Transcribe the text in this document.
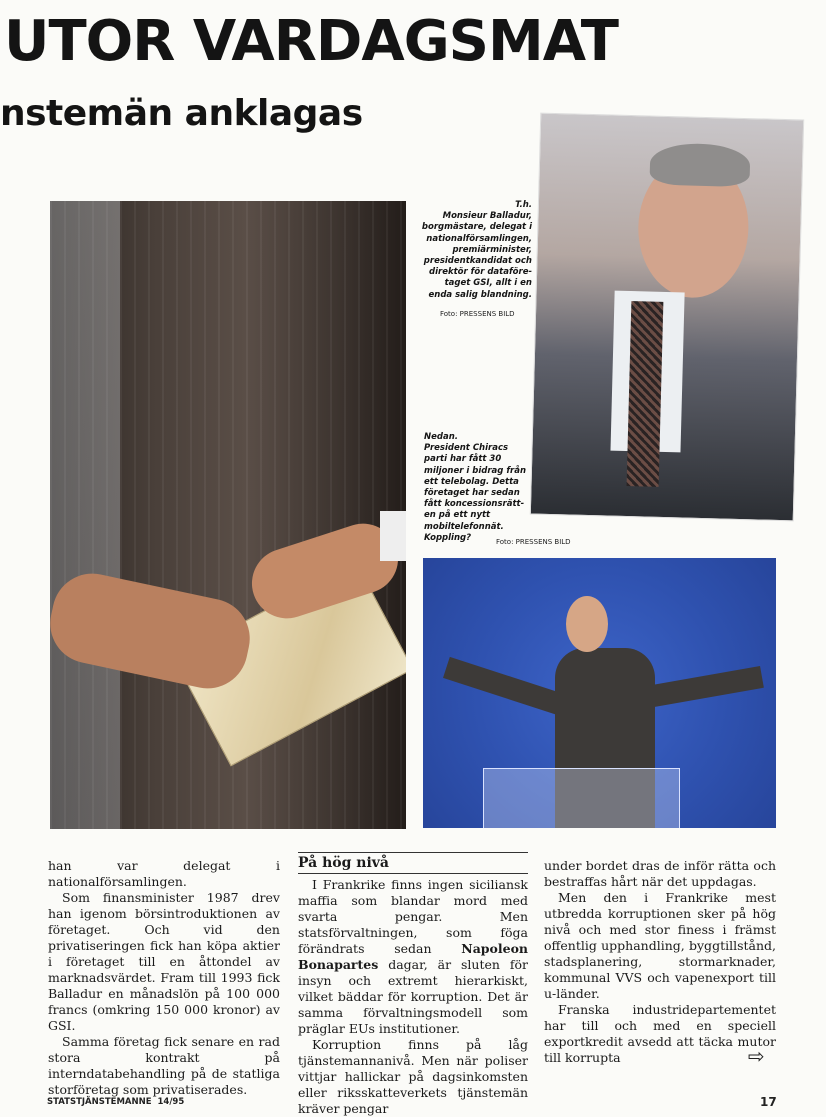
UTOR VARDAGSMAT
nstemän anklagas
T.h.
Monsieur Balladur,
borgmästare, delegat i
nationalförsamlingen,
premiärminister,
presidentkandidat och
direktör för dataföre-
taget GSI, allt i en
enda salig blandning.
Foto: PRESSENS BILD
Nedan.
President Chiracs
parti har fått 30
miljoner i bidrag från
ett telebolag. Detta
företaget har sedan
fått koncessionsrätt-
en på ett nytt
mobiltelefonnät.
Koppling?	Foto: PRESSENS BILD

han var delegat i nationalförsamlingen.

Som finansminister 1987 drev han igenom börsintroduktionen av företaget. Och vid den privatiseringen fick han köpa aktier i företaget till en åttondel av marknadsvärdet. Fram till 1993 fick Balladur en månadslön på 100 000 francs (omkring 150 000 kronor) av GSI.

Samma företag fick senare en rad stora kontrakt på interndatabehandling på de statliga storföretag som privatiserades.

På hög nivå

I Frankrike finns ingen siciliansk maffia som blandar mord med svarta pengar. Men statsförvaltningen, som föga förändrats sedan Napoleon Bonapartes dagar, är sluten för insyn och extremt hierarkiskt, vilket bäddar för korruption. Det är samma förvaltningsmodell som präglar EUs institutioner.

Korruption finns på låg tjänstemannanivå. Men när poliser vittjar hallickar på dagsinkomsten eller riksskatteverkets tjänstemän kräver pengar

under bordet dras de inför rätta och bestraffas hårt när det uppdagas.

Men den i Frankrike mest utbredda korruptionen sker på hög nivå och med stor finess i främst offentlig upphandling, byggtillstånd, stadsplanering, stormarknader, kommunal VVS och vapenexport till u-länder.

Franska industridepartementet har till och med en speciell exportkredit avsedd att täcka mutor till korrupta	⇨
STATSTJÄNSTEMANNE 14/95	17
